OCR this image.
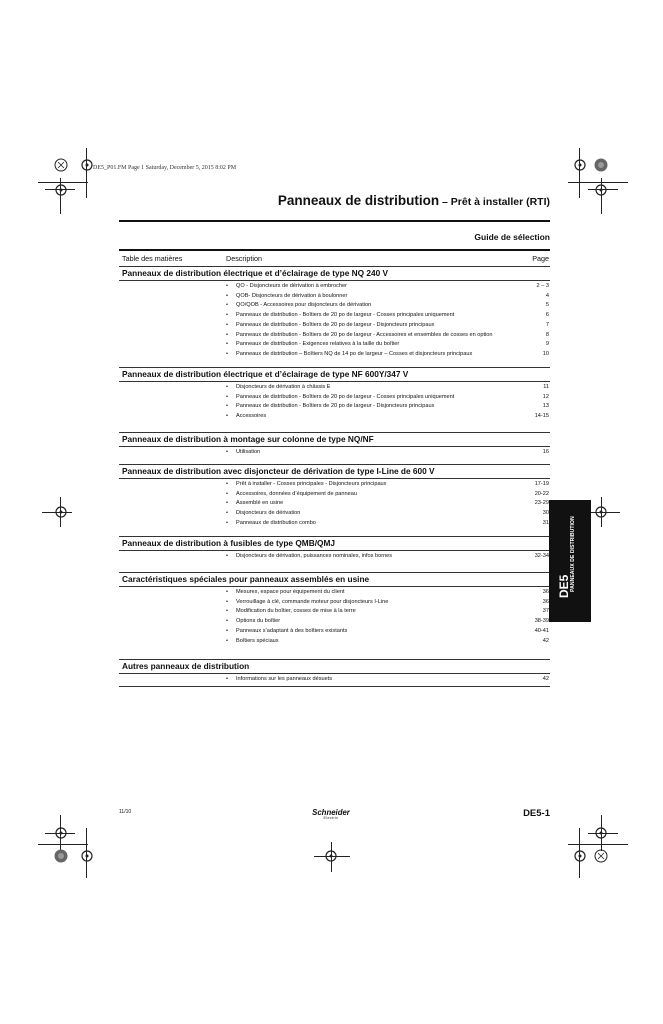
DE5_P01.FM Page 1 Saturday, December 5, 2015 8:02 PM
Panneaux de distribution – Prêt à installer (RTI)
Guide de sélection
Table des matières	Description	Page
Panneaux de distribution électrique et d’éclairage de type NQ 240 V
• QO - Disjoncteurs de dérivation à embrocher	2 – 3
• QOB- Disjoncteurs de dérivation à boulonner	4
• QO/QOB - Accessoires pour disjoncteurs de dérivation	5
• Panneaux de distribution - Boîtiers de 20 po de largeur - Cosses principales uniquement	6
• Panneaux de distribution - Boîtiers de 20 po de largeur - Disjoncteurs principaux	7
• Panneaux de distribution - Boîtiers de 20 po de largeur - Accessoires et ensembles de cosses en option	8
• Panneaux de distribution - Exigences relatives à la taille du boîtier	9
• Panneaux de distribution – Boîtiers NQ de 14 po de largeur – Cosses et disjoncteurs principaux	10
Panneaux de distribution électrique et d’éclairage de type NF 600Y/347 V
• Disjoncteurs de dérivation à châssis E	11
• Panneaux de distribution - Boîtiers de 20 po de largeur - Cosses principales uniquement	12
• Panneaux de distribution - Boîtiers de 20 po de largeur - Disjoncteurs principaux	13
• Accessoires	14-15
Panneaux de distribution à montage sur colonne de type NQ/NF
• Utilisation	16
Panneaux de distribution avec disjoncteur de dérivation de type I-Line de 600 V
• Prêt à installer - Cosses principales - Disjoncteurs principaux	17-19
• Accessoires, données d’équipement de panneau	20-22
• Assemblé en usine	23-29
• Disjoncteurs de dérivation	30
• Panneaux de distribution combo	31
Panneaux de distribution à fusibles de type QMB/QMJ
• Disjoncteurs de dérivation, puissances nominales, infos bornes	32-34
Caractéristiques spéciales pour panneaux assemblés en usine
• Mesures, espace pour équipement du client	36
• Verrouillage à clé, commande moteur pour disjoncteurs I-Line	36
• Modification du boîtier, cosses de mise à la terre	37
• Options du boîtier	38-39
• Panneaux s’adaptant à des boîtiers existants	40-41
• Boîtiers spéciaux	42
Autres panneaux de distribution
• Informations sur les panneaux désuets	42
DE5 PANNEAUX DE DISTRIBUTION
11/10	Schneider
Electric	DE5-1
